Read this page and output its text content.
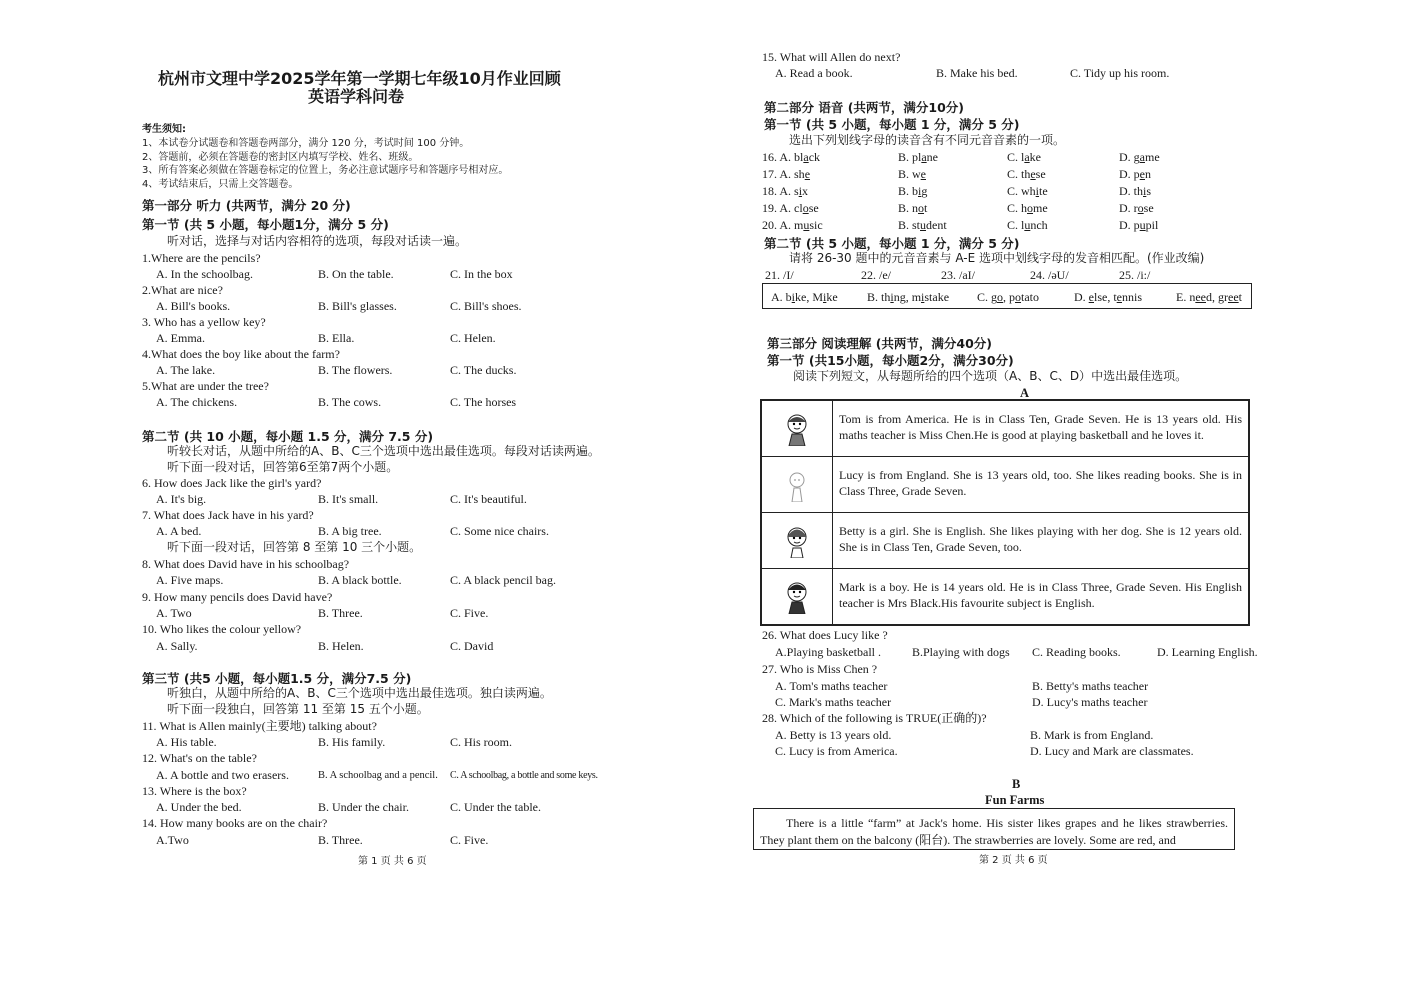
杭州市文理中学2025学年第一学期七年级10月作业回顾
英语学科问卷
考生须知:
1、本试卷分试题卷和答题卷两部分，满分 120 分，考试时间 100 分钟。
2、答题前，必须在答题卷的密封区内填写学校、姓名、班级。
3、所有答案必须做在答题卷标定的位置上，务必注意试题序号和答题序号相对应。
4、考试结束后，只需上交答题卷。
第一部分 听力 (共两节，满分 20 分)
第一节 (共 5 小题，每小题1分，满分 5 分)
听对话，选择与对话内容相符的选项，每段对话读一遍。
1.Where are the pencils?
A. In the schoolbag.	B. On the table.	C. In the box
2.What are nice?
A. Bill's books.	B. Bill's glasses.	C. Bill's shoes.
3. Who has a yellow key?
A. Emma.	B. Ella.	C. Helen.
4.What does the boy like about the farm?
A. The lake.	B. The flowers.	C. The ducks.
5.What are under the tree?
A. The chickens.	B. The cows.	C. The horses
第二节 (共 10 小题，每小题 1.5 分，满分 7.5 分)
听较长对话，从题中所给的A、B、C三个选项中选出最佳选项。每段对话读两遍。
听下面一段对话，回答第6至第7两个小题。
6. How does Jack like the girl's yard?
A. It's big.	B. It's small.	C. It's beautiful.
7. What does Jack have in his yard?
A. A bed.	B. A big tree.	C. Some nice chairs.
听下面一段对话，回答第 8 至第 10 三个小题。
8. What does David have in his schoolbag?
A. Five maps.	B. A black bottle.	C. A black pencil bag.
9. How many pencils does David have?
A. Two	B. Three.	C. Five.
10. Who likes the colour yellow?
A. Sally.	B. Helen.	C. David
第三节 (共5 小题，每小题1.5 分，满分7.5 分)
听独白，从题中所给的A、B、C三个选项中选出最佳选项。独白读两遍。
听下面一段独白，回答第 11 至第 15 五个小题。
11. What is Allen mainly(主要地) talking about?
A. His table.	B. His family.	C. His room.
12. What's on the table?
A. A bottle and two erasers.	B. A schoolbag and a pencil. C. A schoolbag, a bottle and some keys.
13. Where is the box?
A. Under the bed.	B. Under the chair.	C. Under the table.
14. How many books are on the chair?
A.Two	B. Three.	C. Five.
第 1 页 共 6 页
15. What will Allen do next?
A. Read a book.	B. Make his bed.	C. Tidy up his room.
第二部分 语音 (共两节，满分10分)
第一节 (共 5 小题，每小题 1 分，满分 5 分)
选出下列划线字母的读音含有不同元音音素的一项。
16. A. black	B. plane	C. lake	D. game
17. A. she	B. we	C. these	D. pen
18. A. six	B. big	C. white	D. this
19. A. close	B. not	C. home	D. rose
20. A. music	B. student	C. lunch	D. pupil
第二节 (共 5 小题，每小题 1 分，满分 5 分)
请将 26-30 题中的元音音素与 A-E 选项中划线字母的发音相匹配。(作业改编)
21. /I/	22. /e/	23. /aI/	24. /əU/	25. /i:/
A. bike, Mike B. thing, mistake C. go, potato	D. else, tennis	E. need, greet
第三部分 阅读理解 (共两节，满分40分)
第一节 (共15小题，每小题2分，满分30分)
阅读下列短文，从每题所给的四个选项（A、B、C、D）中选出最佳选项。
A
Tom is from America. He is in Class Ten, Grade Seven. He is 13 years old. His maths teacher is Miss Chen.He is good at playing basketball and he loves it.
Lucy is from England. She is 13 years old, too. She likes reading books. She is in Class Three, Grade Seven.
Betty is a girl. She is English. She likes playing with her dog. She is 12 years old. She is in Class Ten, Grade Seven, too.
Mark is a boy. He is 14 years old. He is in Class Three, Grade Seven. His English teacher is Mrs Black.His favourite subject is English.
26. What does Lucy like ?
A.Playing basketball .	B.Playing with dogs C. Reading books.	D. Learning English.
27. Who is Miss Chen ?
A. Tom's maths teacher	B. Betty's maths teacher
C. Mark's maths teacher	D. Lucy's maths teacher
28. Which of the following is TRUE(正确的)?
A. Betty is 13 years old.	B. Mark is from England.
C. Lucy is from America.	D. Lucy and Mark are classmates.
B
Fun Farms
There is a little “farm” at Jack's home. His sister likes grapes and he likes strawberries. They plant them on the balcony (阳台). The strawberries are lovely. Some are red, and
第 2 页 共 6 页
